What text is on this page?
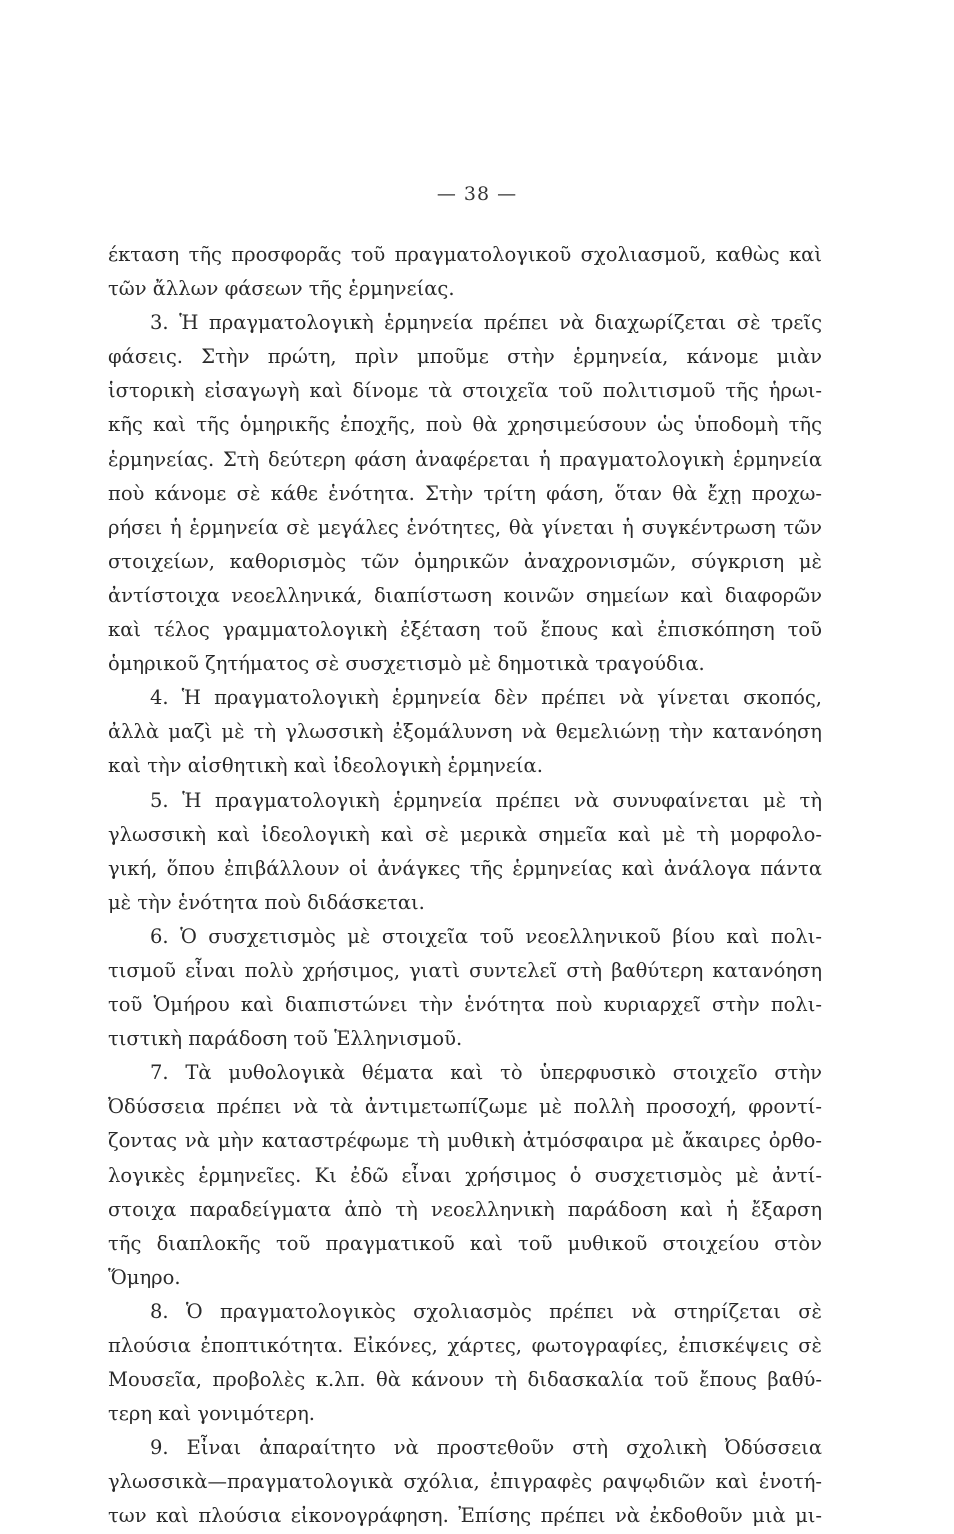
— 38 —
έκταση τῆς προσφορᾶς τοῦ πραγματολογικοῦ σχολιασμοῦ, καθὼς καὶ
τῶν ἄλλων φάσεων τῆς ἑρμηνείας.
3. Ἡ πραγματολογικὴ ἑρμηνεία πρέπει νὰ διαχωρίζεται σὲ τρεῖς
φάσεις. Στὴν πρώτη, πρὶν μποῦμε στὴν ἑρμηνεία, κάνομε μιὰν
ἱστορικὴ εἰσαγωγὴ καὶ δίνομε τὰ στοιχεῖα τοῦ πολιτισμοῦ τῆς ἡρωι-
κῆς καὶ τῆς ὁμηρικῆς ἐποχῆς, ποὺ θὰ χρησιμεύσουν ὡς ὑποδομὴ τῆς
ἑρμηνείας. Στὴ δεύτερη φάση ἀναφέρεται ἡ πραγματολογικὴ ἑρμηνεία
ποὺ κάνομε σὲ κάθε ἑνότητα. Στὴν τρίτη φάση, ὅταν θὰ ἔχῃ προχω-
ρήσει ἡ ἑρμηνεία σὲ μεγάλες ἑνότητες, θὰ γίνεται ἡ συγκέντρωση τῶν
στοιχείων, καθορισμὸς τῶν ὁμηρικῶν ἀναχρονισμῶν, σύγκριση μὲ
ἀντίστοιχα νεοελληνικά, διαπίστωση κοινῶν σημείων καὶ διαφορῶν
καὶ τέλος γραμματολογικὴ ἐξέταση τοῦ ἔπους καὶ ἐπισκόπηση τοῦ
ὁμηρικοῦ ζητήματος σὲ συσχετισμὸ μὲ δημοτικὰ τραγούδια.
4. Ἡ πραγματολογικὴ ἑρμηνεία δὲν πρέπει νὰ γίνεται σκοπός,
ἀλλὰ μαζὶ μὲ τὴ γλωσσικὴ ἐξομάλυνση νὰ θεμελιώνῃ τὴν κατανόηση
καὶ τὴν αἰσθητικὴ καὶ ἰδεολογικὴ ἑρμηνεία.
5. Ἡ πραγματολογικὴ ἑρμηνεία πρέπει νὰ συνυφαίνεται μὲ τὴ
γλωσσικὴ καὶ ἰδεολογικὴ καὶ σὲ μερικὰ σημεῖα καὶ μὲ τὴ μορφολο-
γική, ὅπου ἐπιβάλλουν οἱ ἀνάγκες τῆς ἑρμηνείας καὶ ἀνάλογα πάντα
μὲ τὴν ἑνότητα ποὺ διδάσκεται.
6. Ὁ συσχετισμὸς μὲ στοιχεῖα τοῦ νεοελληνικοῦ βίου καὶ πολι-
τισμοῦ εἶναι πολὺ χρήσιμος, γιατὶ συντελεῖ στὴ βαθύτερη κατανόηση
τοῦ Ὁμήρου καὶ διαπιστώνει τὴν ἑνότητα ποὺ κυριαρχεῖ στὴν πολι-
τιστικὴ παράδοση τοῦ Ἑλληνισμοῦ.
7. Τὰ μυθολογικὰ θέματα καὶ τὸ ὑπερφυσικὸ στοιχεῖο στὴν
Ὀδύσσεια πρέπει νὰ τὰ ἀντιμετωπίζωμε μὲ πολλὴ προσοχή, φροντί-
ζοντας νὰ μὴν καταστρέφωμε τὴ μυθικὴ ἀτμόσφαιρα μὲ ἄκαιρες ὀρθο-
λογικὲς ἑρμηνεῖες. Κι ἐδῶ εἶναι χρήσιμος ὁ συσχετισμὸς μὲ ἀντί-
στοιχα παραδείγματα ἀπὸ τὴ νεοελληνικὴ παράδοση καὶ ἡ ἔξαρση
τῆς διαπλοκῆς τοῦ πραγματικοῦ καὶ τοῦ μυθικοῦ στοιχείου στὸν
Ὅμηρο.
8. Ὁ πραγματολογικὸς σχολιασμὸς πρέπει νὰ στηρίζεται σὲ
πλούσια ἐποπτικότητα. Εἰκόνες, χάρτες, φωτογραφίες, ἐπισκέψεις σὲ
Μουσεῖα, προβολὲς κ.λπ. θὰ κάνουν τὴ διδασκαλία τοῦ ἔπους βαθύ-
τερη καὶ γονιμότερη.
9. Εἶναι ἀπαραίτητο νὰ προστεθοῦν στὴ σχολικὴ Ὀδύσσεια
γλωσσικὰ—πραγματολογικὰ σχόλια, ἐπιγραφὲς ραψῳδιῶν καὶ ἑνοτή-
των καὶ πλούσια εἰκονογράφηση. Ἐπίσης πρέπει νὰ ἐκδοθοῦν μιὰ μι-
